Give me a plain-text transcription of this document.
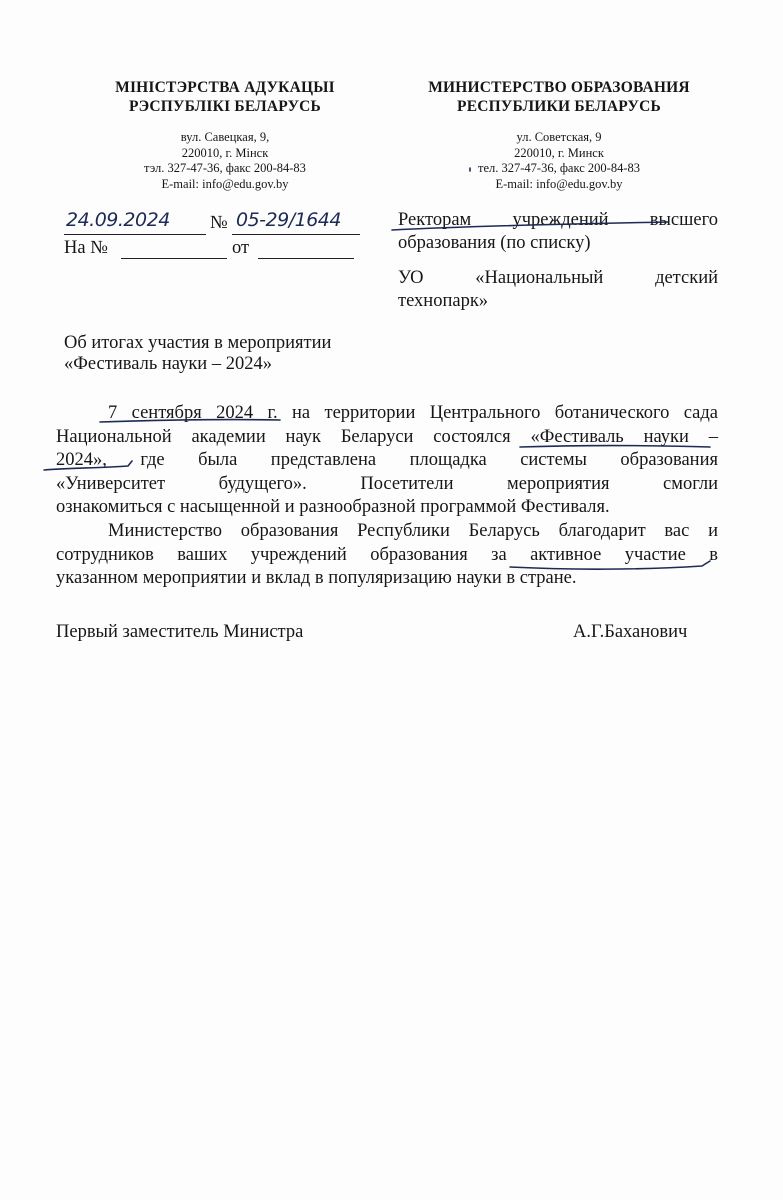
МІНІСТЭРСТВА АДУКАЦЫІ
РЭСПУБЛІКІ БЕЛАРУСЬ
вул. Савецкая, 9,
220010, г. Мінск
тэл. 327-47-36, факс 200-84-83
E-mail: info@edu.gov.by
МИНИСТЕРСТВО ОБРАЗОВАНИЯ
РЕСПУБЛИКИ БЕЛАРУСЬ
ул. Советская, 9
220010, г. Минск
тел. 327-47-36, факс 200-84-83
E-mail: info@edu.gov.by
24.09.2024 № 05-29/1644
На №	от
Ректорам учреждений высшего
образования (по списку)
УО	«Национальный	детский
технопарк»
Об итогах участия в мероприятии
«Фестиваль науки – 2024»
7 сентября 2024 г. на территории Центрального ботанического сада
Национальной академии наук Беларуси состоялся «Фестиваль науки –
2024», где была представлена площадка системы образования
«Университет будущего». Посетители мероприятия смогли
ознакомиться с насыщенной и разнообразной программой Фестиваля.
Министерство образования Республики Беларусь благодарит вас и
сотрудников ваших учреждений образования за активное участие в
указанном мероприятии и вклад в популяризацию науки в стране.
Первый заместитель Министра	А.Г.Баханович
